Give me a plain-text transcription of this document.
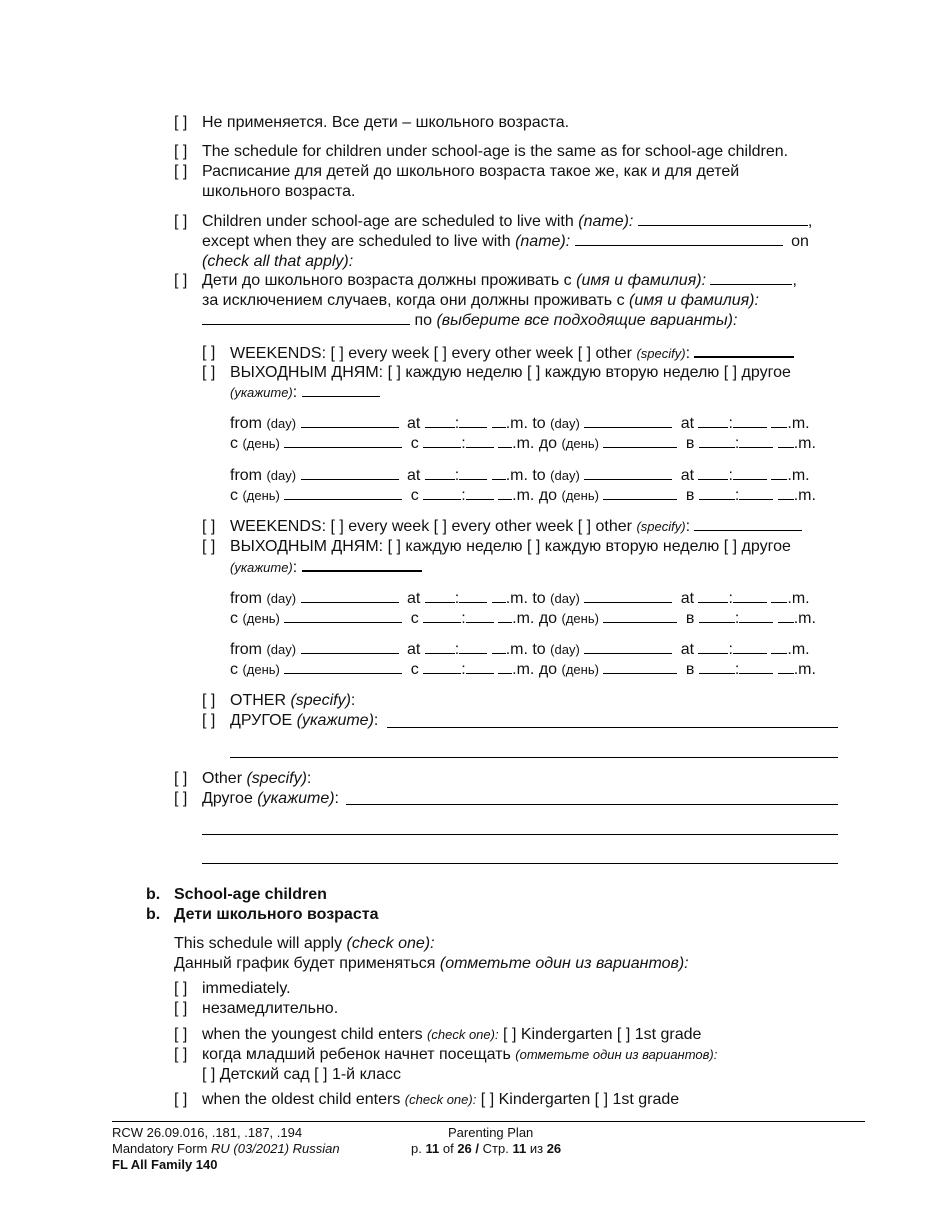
[ ] Не применяется. Все дети – школьного возраста.
[ ] The schedule for children under school-age is the same as for school-age children.
[ ] Расписание для детей до школьного возраста такое же, как и для детей
школьного возраста.
[ ] Children under school-age are scheduled to live with (name):	,
except when they are scheduled to live with (name):	on
(check all that apply):
[ ] Дети до школьного возраста должны проживать с (имя и фамилия):	,
за исключением случаев, когда они должны проживать с (имя и фамилия):
по (выберите все подходящие варианты):
[ ] WEEKENDS: [ ] every week [ ] every other week [ ] other (specify):
[ ] ВЫХОДНЫМ ДНЯМ: [ ] каждую неделю [ ] каждую вторую неделю [ ] другое
(укажите):
from (day)	at :	.m. to (day)	at :	.m.
с (день)	с	:	.m. до (день)	в	:	.m.
from (day)	at :	.m. to (day)	at :	.m.
с (день)	с	:	.m. до (день)	в	:	.m.
[ ] WEEKENDS: [ ] every week [ ] every other week [ ] other (specify):
[ ] ВЫХОДНЫМ ДНЯМ: [ ] каждую неделю [ ] каждую вторую неделю [ ] другое
(укажите):
from (day)	at :	.m. to (day)	at :	.m.
с (день)	с	:	.m. до (день)	в	:	.m.
from (day)	at :	.m. to (day)	at :	.m.
с (день)	с	:	.m. до (день)	в	:	.m.
[ ] OTHER (specify):
[ ] ДРУГОЕ (укажите):
[ ] Other (specify):
[ ] Другое (укажите):
b. School-age children
b. Дети школьного возраста
This schedule will apply (check one):
Данный график будет применяться (отметьте один из вариантов):
[ ] immediately.
[ ] незамедлительно.
[ ] when the youngest child enters (check one): [ ] Kindergarten [ ] 1st grade
[ ] когда младший ребенок начнет посещать (отметьте один из вариантов):
[ ] Детский сад [ ] 1-й класс
[ ] when the oldest child enters (check one): [ ] Kindergarten [ ] 1st grade
RCW 26.09.016, .181, .187, .194
Mandatory Form RU (03/2021) Russian
FL All Family 140
Parenting Plan
p. 11 of 26 / Стр. 11 из 26
